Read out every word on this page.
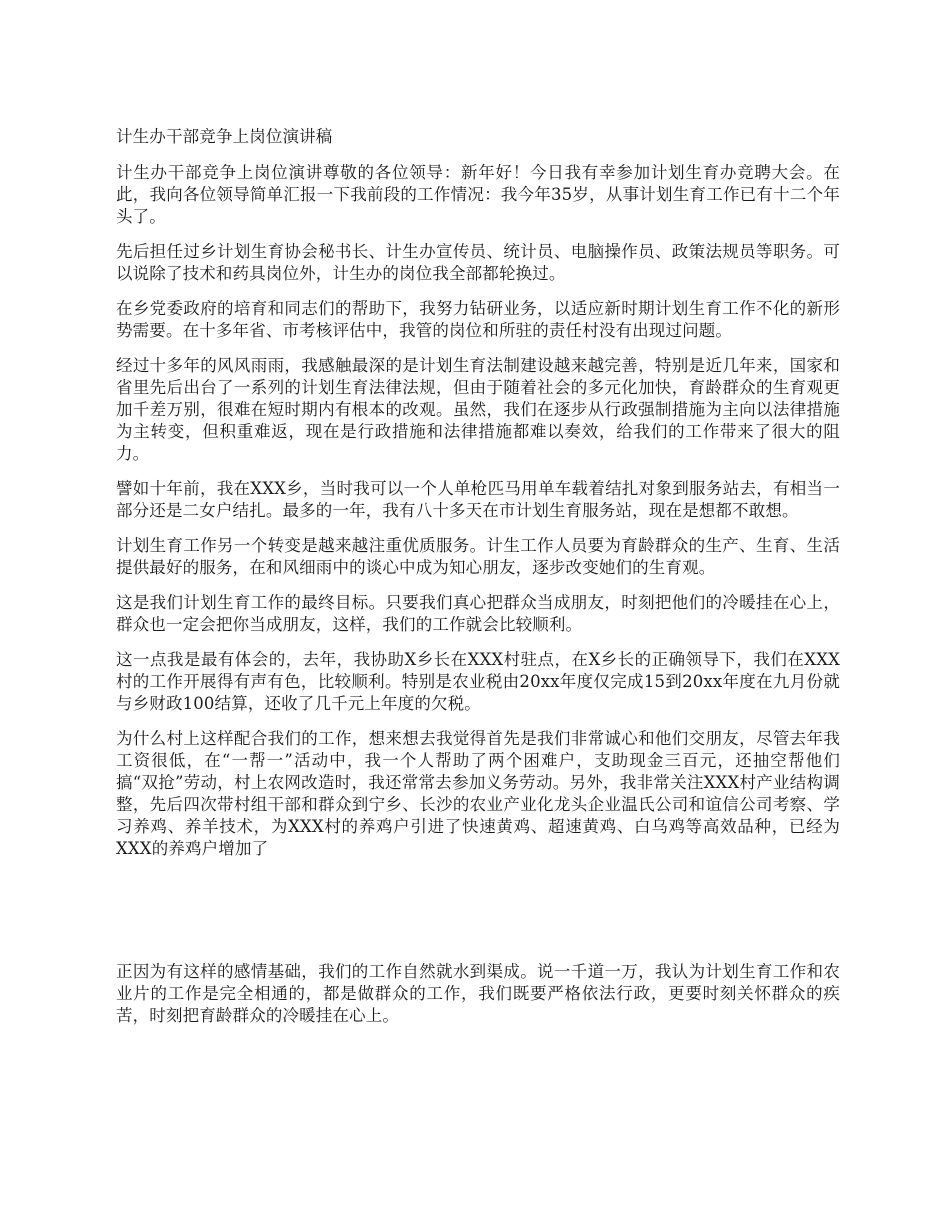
计生办干部竞争上岗位演讲稿

计生办干部竞争上岗位演讲尊敬的各位领导：新年好！今日我有幸参加计划生育办竞聘大会。在此，我向各位领导简单汇报一下我前段的工作情况：我今年35岁，从事计划生育工作已有十二个年头了。

先后担任过乡计划生育协会秘书长、计生办宣传员、统计员、电脑操作员、政策法规员等职务。可以说除了技术和药具岗位外，计生办的岗位我全部都轮换过。

在乡党委政府的培育和同志们的帮助下，我努力钻研业务，以适应新时期计划生育工作不化的新形势需要。在十多年省、市考核评估中，我管的岗位和所驻的责任村没有出现过问题。

经过十多年的风风雨雨，我感触最深的是计划生育法制建设越来越完善，特别是近几年来，国家和省里先后出台了一系列的计划生育法律法规，但由于随着社会的多元化加快，育龄群众的生育观更加千差万别，很难在短时期内有根本的改观。虽然，我们在逐步从行政强制措施为主向以法律措施为主转变，但积重难返，现在是行政措施和法律措施都难以奏效，给我们的工作带来了很大的阻力。

譬如十年前，我在XXX乡，当时我可以一个人单枪匹马用单车载着结扎对象到服务站去，有相当一部分还是二女户结扎。最多的一年，我有八十多天在市计划生育服务站，现在是想都不敢想。

计划生育工作另一个转变是越来越注重优质服务。计生工作人员要为育龄群众的生产、生育、生活提供最好的服务，在和风细雨中的谈心中成为知心朋友，逐步改变她们的生育观。

这是我们计划生育工作的最终目标。只要我们真心把群众当成朋友，时刻把他们的冷暖挂在心上，群众也一定会把你当成朋友，这样，我们的工作就会比较顺利。

这一点我是最有体会的，去年，我协助X乡长在XXX村驻点，在X乡长的正确领导下，我们在XXX村的工作开展得有声有色，比较顺利。特别是农业税由20xx年度仅完成15到20xx年度在九月份就与乡财政100结算，还收了几千元上年度的欠税。

为什么村上这样配合我们的工作，想来想去我觉得首先是我们非常诚心和他们交朋友，尽管去年我工资很低，在“一帮一”活动中，我一个人帮助了两个困难户，支助现金三百元，还抽空帮他们搞“双抢”劳动，村上农网改造时，我还常常去参加义务劳动。另外，我非常关注XXX村产业结构调整，先后四次带村组干部和群众到宁乡、长沙的农业产业化龙头企业温氏公司和谊信公司考察、学习养鸡、养羊技术，为XXX村的养鸡户引进了快速黄鸡、超速黄鸡、白乌鸡等高效品种，已经为XXX的养鸡户增加了

正因为有这样的感情基础，我们的工作自然就水到渠成。说一千道一万，我认为计划生育工作和农业片的工作是完全相通的，都是做群众的工作，我们既要严格依法行政，更要时刻关怀群众的疾苦，时刻把育龄群众的冷暖挂在心上。
